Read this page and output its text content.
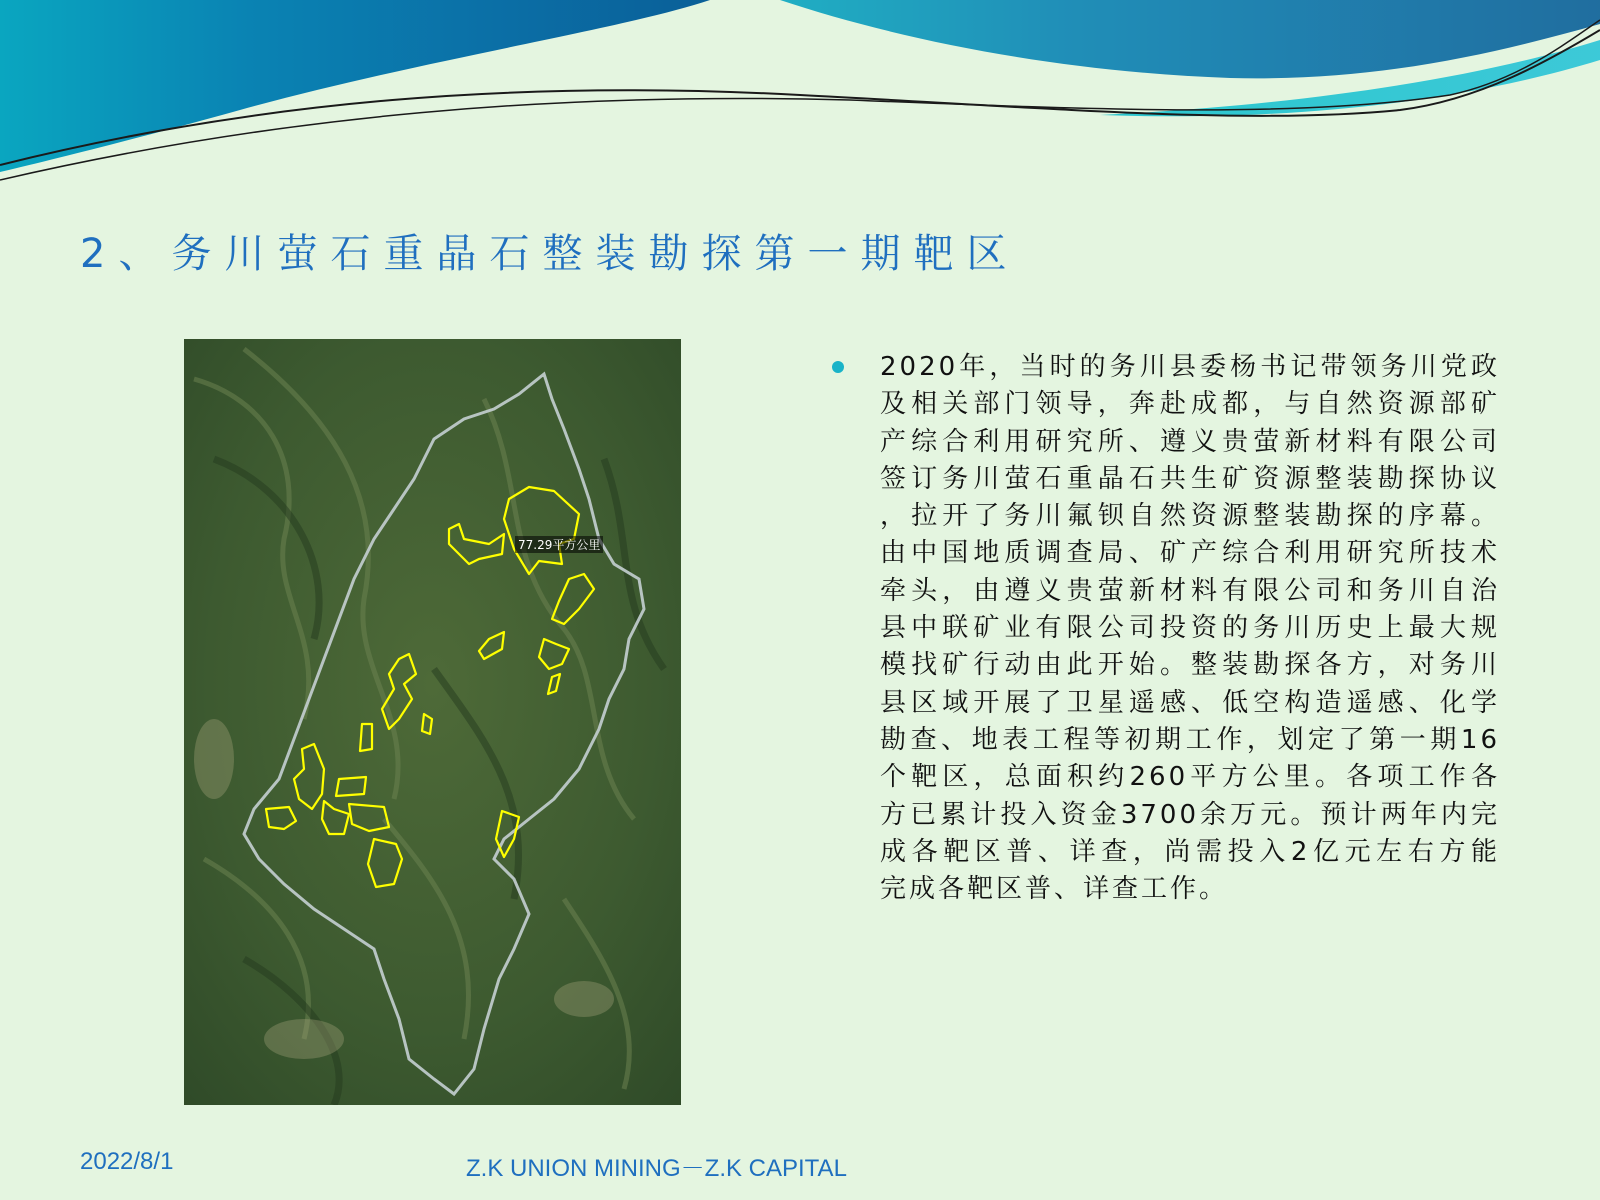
2、务川萤石重晶石整装勘探第一期靶区
77.29平方公里
2020年，当时的务川县委杨书记带领务川党政
及相关部门领导，奔赴成都，与自然资源部矿
产综合利用研究所、遵义贵萤新材料有限公司
签订务川萤石重晶石共生矿资源整装勘探协议
，拉开了务川氟钡自然资源整装勘探的序幕。
由中国地质调查局、矿产综合利用研究所技术
牵头，由遵义贵萤新材料有限公司和务川自治
县中联矿业有限公司投资的务川历史上最大规
模找矿行动由此开始。整装勘探各方，对务川
县区域开展了卫星遥感、低空构造遥感、化学
勘查、地表工程等初期工作，划定了第一期16
个靶区，总面积约260平方公里。各项工作各
方已累计投入资金3700余万元。预计两年内完
成各靶区普、详查，尚需投入2亿元左右方能
完成各靶区普、详查工作。
2022/8/1	Z.K UNION MINING－Z.K CAPITAL
